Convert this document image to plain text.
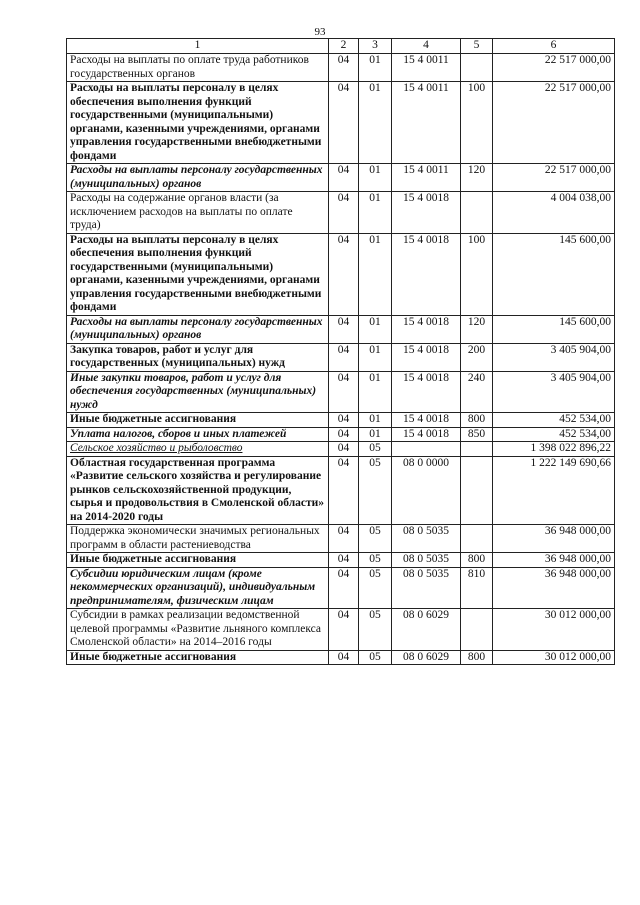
93
1	2	3	4	5	6
Расходы на выплаты по оплате труда работников государственных органов	04	01	15 4 0011		22 517 000,00
Расходы на выплаты персоналу в целях обеспечения выполнения функций государственными (муниципальными) органами, казенными учреждениями, органами управления государственными внебюджетными фондами	04	01	15 4 0011	100	22 517 000,00
Расходы на выплаты персоналу государственных (муниципальных) органов	04	01	15 4 0011	120	22 517 000,00
Расходы на содержание органов власти (за исключением расходов на выплаты по оплате труда)	04	01	15 4 0018		4 004 038,00
Расходы на выплаты персоналу в целях обеспечения выполнения функций государственными (муниципальными) органами, казенными учреждениями, органами управления государственными внебюджетными фондами	04	01	15 4 0018	100	145 600,00
Расходы на выплаты персоналу государственных (муниципальных) органов	04	01	15 4 0018	120	145 600,00
Закупка товаров, работ и услуг для государственных (муниципальных) нужд	04	01	15 4 0018	200	3 405 904,00
Иные закупки товаров, работ и услуг для обеспечения государственных (муниципальных) нужд	04	01	15 4 0018	240	3 405 904,00
Иные бюджетные ассигнования	04	01	15 4 0018	800	452 534,00
Уплата налогов, сборов и иных платежей	04	01	15 4 0018	850	452 534,00
Сельское хозяйство и рыболовство	04	05			1 398 022 896,22
Областная государственная программа «Развитие сельского хозяйства и регулирование рынков сельскохозяйственной продукции, сырья и продовольствия в Смоленской области» на 2014-2020 годы	04	05	08 0 0000		1 222 149 690,66
Поддержка экономически значимых региональных программ в области растениеводства	04	05	08 0 5035		36 948 000,00
Иные бюджетные ассигнования	04	05	08 0 5035	800	36 948 000,00
Субсидии юридическим лицам (кроме некоммерческих организаций), индивидуальным предпринимателям, физическим лицам	04	05	08 0 5035	810	36 948 000,00
Субсидии в рамках реализации ведомственной целевой программы «Развитие льняного комплекса Смоленской области» на 2014–2016 годы	04	05	08 0 6029		30 012 000,00
Иные бюджетные ассигнования	04	05	08 0 6029	800	30 012 000,00
